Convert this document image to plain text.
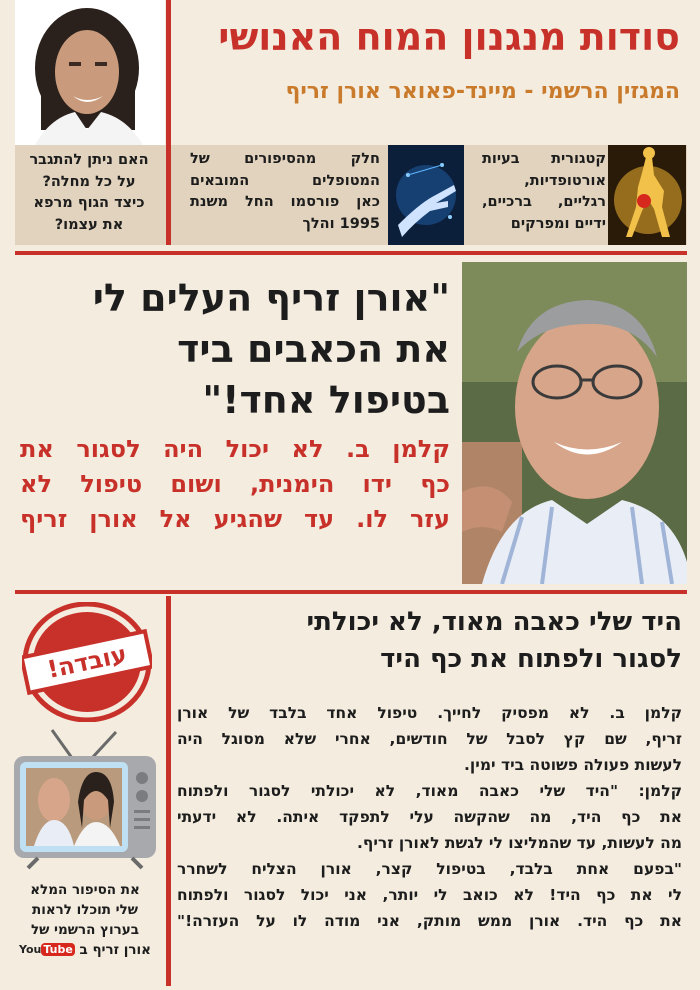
סודות מנגנון המוח האנושי
המגזין הרשמי - מיינד-פאואר אורן זריף
קטגורית בעיות
אורטופדיות,
רגליים, ברכיים,
ידיים ומפרקים
חלק מהסיפורים של
המטופלים המובאים
כאן פורסמו החל משנת
1995 והלך
האם ניתן להתגבר
על כל מחלה?
כיצד הגוף מרפא
את עצמו?
"אורן זריף העלים לי
את הכאבים ביד
בטיפול אחד!"
קלמן ב. לא יכול היה לסגור את
כף ידו הימנית, ושום טיפול לא
עזר לו. עד שהגיע אל אורן זריף
עובדה!
את הסיפור המלא
שלי תוכלו לראות
בערוץ הרשמי של
אורן זריף ב You Tube
היד שלי כאבה מאוד, לא יכולתי
לסגור ולפתוח את כף היד
קלמן ב. לא מפסיק לחייך. טיפול אחד בלבד של אורן
זריף, שם קץ לסבל של חודשים, אחרי שלא מסוגל היה
לעשות פעולה פשוטה ביד ימין.
קלמן: "היד שלי כאבה מאוד, לא יכולתי לסגור ולפתוח
את כף היד, מה שהקשה עלי לתפקד איתה. לא ידעתי
מה לעשות, עד שהמליצו לי לגשת לאורן זריף.
"בפעם אחת בלבד, בטיפול קצר, אורן הצליח לשחרר
לי את כף היד! לא כואב לי יותר, אני יכול לסגור ולפתוח
את כף היד. אורן ממש מותק, אני מודה לו על העזרה!"
